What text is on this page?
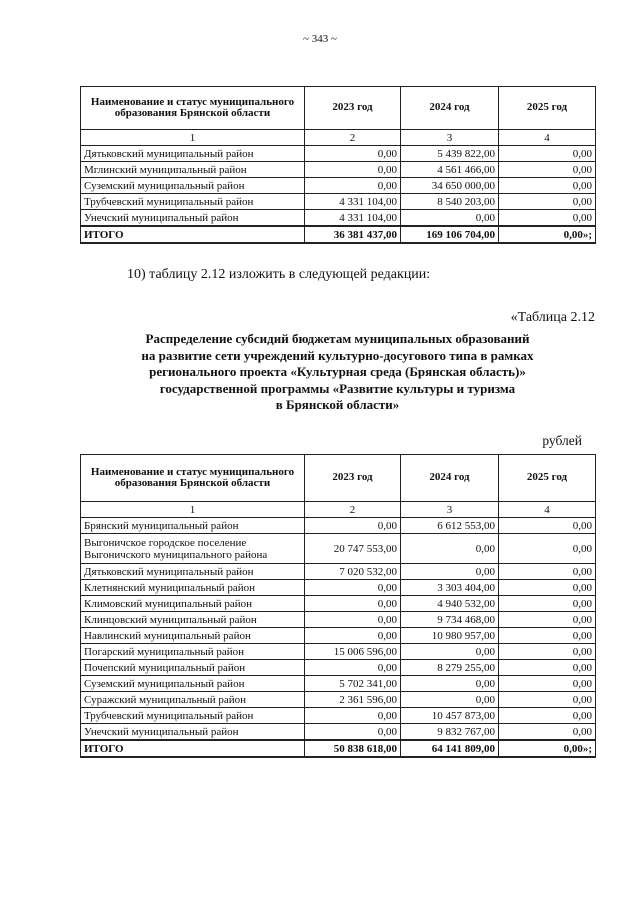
~ 343 ~
Наименование и статус муниципального образования Брянской области	2023 год	2024 год	2025 год
1	2	3	4
Дятьковский муниципальный район	0,00	5 439 822,00	0,00
Мглинский муниципальный район	0,00	4 561 466,00	0,00
Суземский муниципальный район	0,00	34 650 000,00	0,00
Трубчевский муниципальный район	4 331 104,00	8 540 203,00	0,00
Унечский муниципальный район	4 331 104,00	0,00	0,00
ИТОГО	36 381 437,00	169 106 704,00	0,00»;
10) таблицу 2.12 изложить в следующей редакции:
«Таблица 2.12
Распределение субсидий бюджетам муниципальных образований
на развитие сети учреждений культурно-досугового типа в рамках
регионального проекта «Культурная среда (Брянская область)»
государственной программы «Развитие культуры и туризма
в Брянской области»
рублей
Наименование и статус муниципального образования Брянской области	2023 год	2024 год	2025 год
1	2	3	4
Брянский муниципальный район	0,00	6 612 553,00	0,00
Выгоничское городское поселение Выгоничского муниципального района	20 747 553,00	0,00	0,00
Дятьковский муниципальный район	7 020 532,00	0,00	0,00
Клетнянский муниципальный район	0,00	3 303 404,00	0,00
Климовский муниципальный район	0,00	4 940 532,00	0,00
Клинцовский муниципальный район	0,00	9 734 468,00	0,00
Навлинский муниципальный район	0,00	10 980 957,00	0,00
Погарский муниципальный район	15 006 596,00	0,00	0,00
Почепский муниципальный район	0,00	8 279 255,00	0,00
Суземский муниципальный район	5 702 341,00	0,00	0,00
Суражский муниципальный район	2 361 596,00	0,00	0,00
Трубчевский муниципальный район	0,00	10 457 873,00	0,00
Унечский муниципальный район	0,00	9 832 767,00	0,00
ИТОГО	50 838 618,00	64 141 809,00	0,00»;
